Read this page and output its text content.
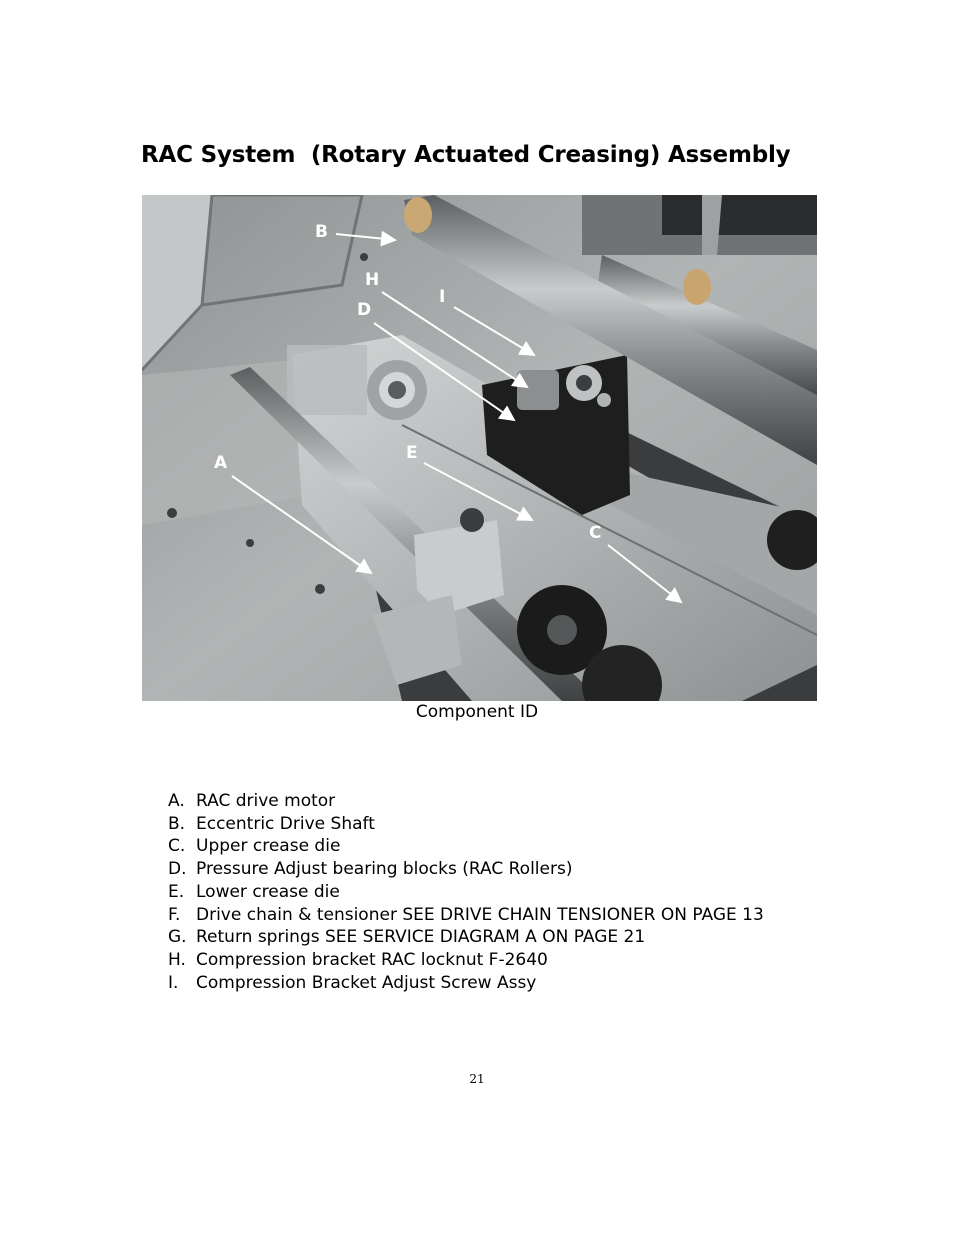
RAC System  (Rotary Actuated Creasing) Assembly
B
H
I
D
A	E
C
Component ID
A. RAC drive motor
B. Eccentric Drive Shaft
C. Upper crease die
D. Pressure Adjust bearing blocks (RAC Rollers)
E. Lower crease die
F. Drive chain & tensioner SEE DRIVE CHAIN TENSIONER ON PAGE 13
G. Return springs SEE SERVICE DIAGRAM A ON PAGE 21
H. Compression bracket RAC locknut F-2640
I. Compression Bracket Adjust Screw Assy
21
